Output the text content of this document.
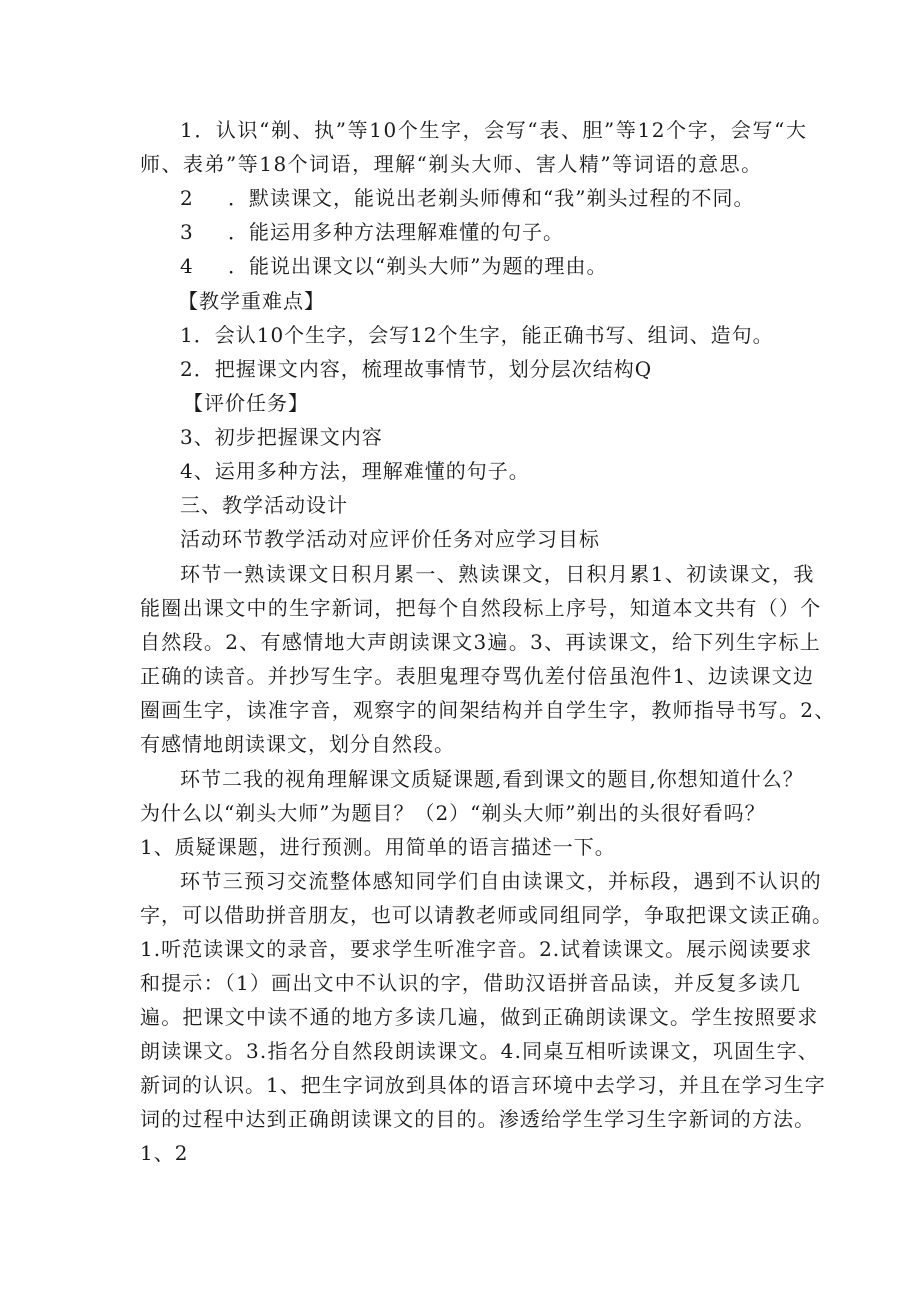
1．认识“剃、执”等10个生字，会写“表、胆”等12个字，会写“大
师、表弟”等18个词语，理解“剃头大师、害人精”等词语的意思。
2 ．默读课文，能说出老剃头师傅和“我”剃头过程的不同。
3 ．能运用多种方法理解难懂的句子。
4 ．能说出课文以“剃头大师”为题的理由。
【教学重难点】
1．会认10个生字，会写12个生字，能正确书写、组词、造句。
2．把握课文内容，梳理故事情节，划分层次结构Q
【评价任务】
3、初步把握课文内容
4、运用多种方法，理解难懂的句子。
三、教学活动设计
活动环节教学活动对应评价任务对应学习目标
环节一熟读课文日积月累一、熟读课文，日积月累1、初读课文，我
能圈出课文中的生字新词，把每个自然段标上序号，知道本文共有（）个
自然段。2、有感情地大声朗读课文3遍。3、再读课文，给下列生字标上
正确的读音。并抄写生字。表胆鬼理夺骂仇差付倍虽泡件1、边读课文边
圈画生字，读准字音，观察字的间架结构并自学生字，教师指导书写。2、
有感情地朗读课文，划分自然段。
环节二我的视角理解课文质疑课题,看到课文的题目,你想知道什么？
为什么以“剃头大师”为题目？（2）“剃头大师”剃出的头很好看吗？
1、质疑课题，进行预测。用简单的语言描述一下。
环节三预习交流整体感知同学们自由读课文，并标段，遇到不认识的
字，可以借助拼音朋友，也可以请教老师或同组同学，争取把课文读正确。
1.听范读课文的录音，要求学生听准字音。2.试着读课文。展示阅读要求
和提示：（1）画出文中不认识的字，借助汉语拼音品读，并反复多读几
遍。把课文中读不通的地方多读几遍，做到正确朗读课文。学生按照要求
朗读课文。3.指名分自然段朗读课文。4.同桌互相听读课文，巩固生字、
新词的认识。1、把生字词放到具体的语言环境中去学习，并且在学习生字
词的过程中达到正确朗读课文的目的。渗透给学生学习生字新词的方法。
1、2
